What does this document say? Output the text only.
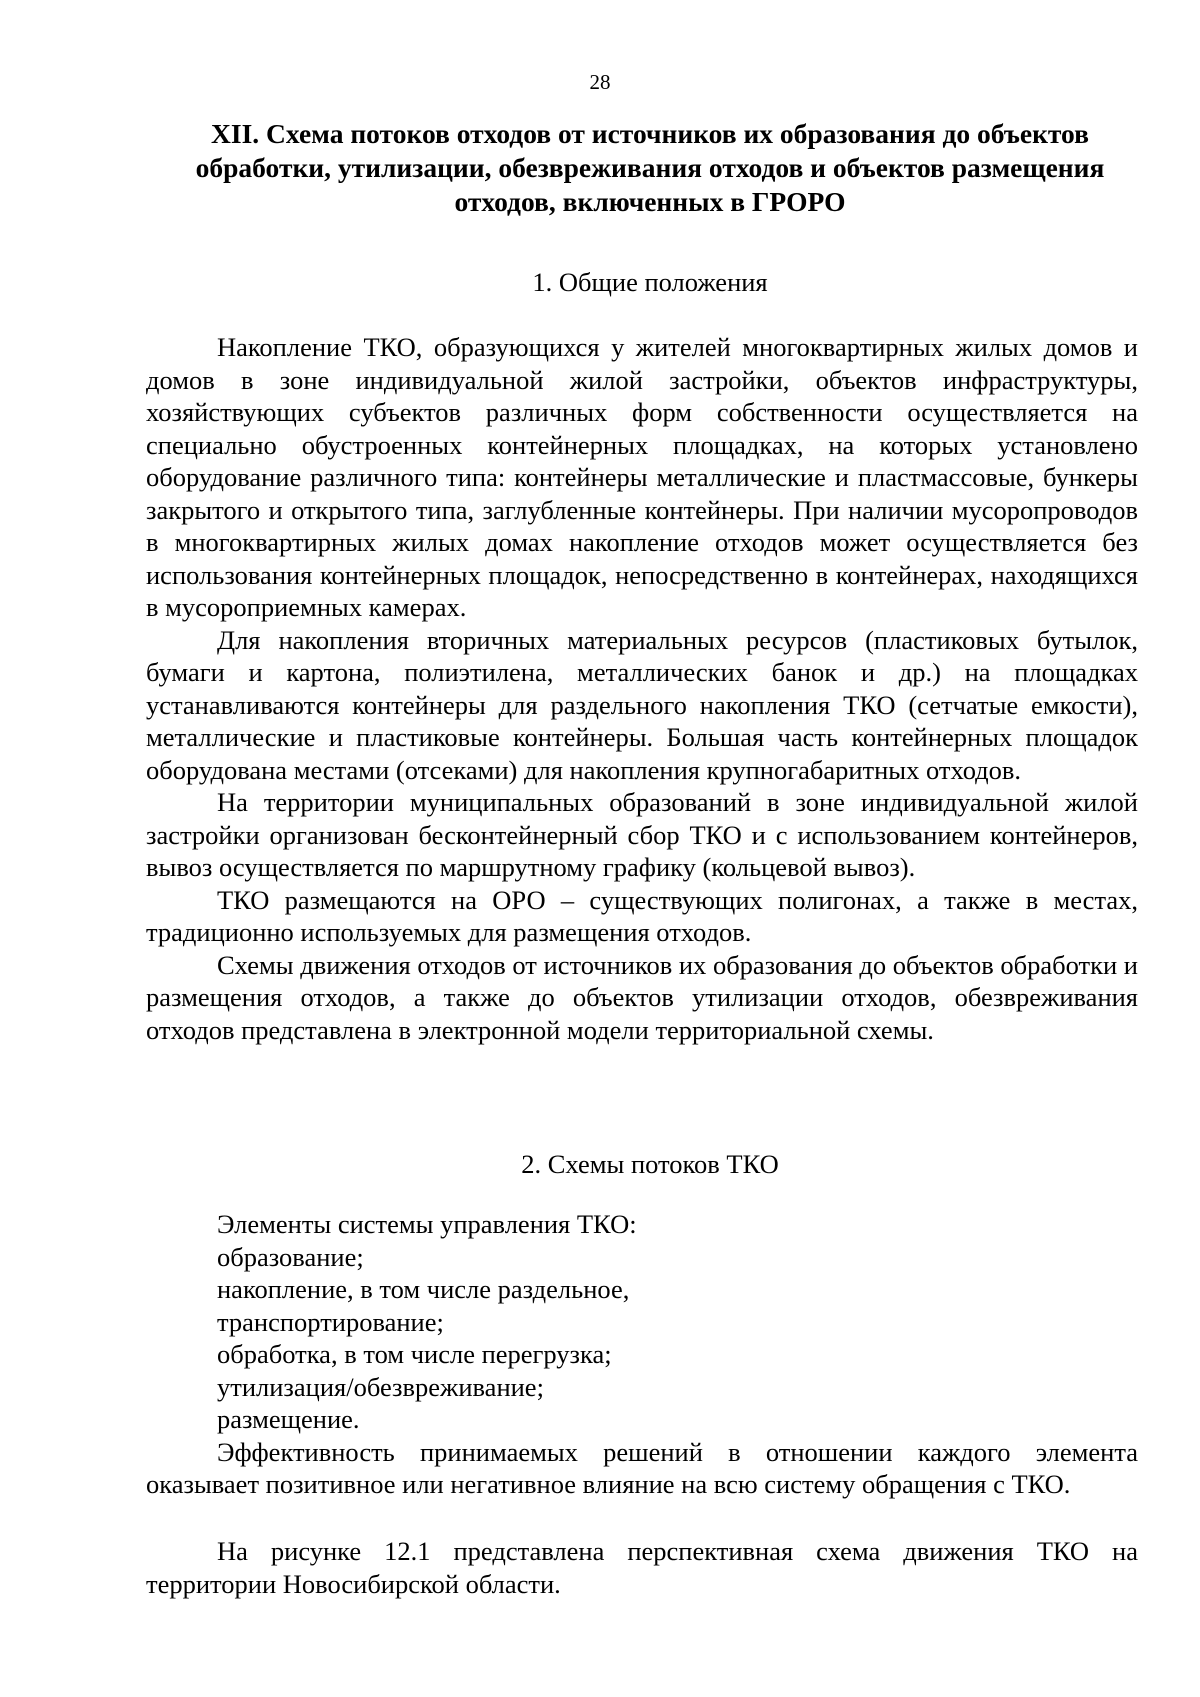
28
XII. Схема потоков отходов от источников их образования до объектов обработки, утилизации, обезвреживания отходов и объектов размещения отходов, включенных в ГРОРО
1. Общие положения

Накопление ТКО, образующихся у жителей многоквартирных жилых домов и домов в зоне индивидуальной жилой застройки, объектов инфраструктуры, хозяйствующих субъектов различных форм собственности осуществляется на специально обустроенных контейнерных площадках, на которых установлено оборудование различного типа: контейнеры металлические и пластмассовые, бункеры закрытого и открытого типа, заглубленные контейнеры. При наличии мусоропроводов в многоквартирных жилых домах накопление отходов может осуществляется без использования контейнерных площадок, непосредственно в контейнерах, находящихся в мусороприемных камерах.

Для накопления вторичных материальных ресурсов (пластиковых бутылок, бумаги и картона, полиэтилена, металлических банок и др.) на площадках устанавливаются контейнеры для раздельного накопления ТКО (сетчатые емкости), металлические и пластиковые контейнеры. Большая часть контейнерных площадок оборудована местами (отсеками) для накопления крупногабаритных отходов.

На территории муниципальных образований в зоне индивидуальной жилой застройки организован бесконтейнерный сбор ТКО и с использованием контейнеров, вывоз осуществляется по маршрутному графику (кольцевой вывоз).

ТКО размещаются на ОРО – существующих полигонах, а также в местах, традиционно используемых для размещения отходов.

Схемы движения отходов от источников их образования до объектов обработки и размещения отходов, а также до объектов утилизации отходов, обезвреживания отходов представлена в электронной модели территориальной схемы.

2. Схемы потоков ТКО
Элементы системы управления ТКО:
образование;
накопление, в том числе раздельное,
транспортирование;
обработка, в том числе перегрузка;
утилизация/обезвреживание;
размещение.

Эффективность принимаемых решений в отношении каждого элемента оказывает позитивное или негативное влияние на всю систему обращения с ТКО.

На рисунке 12.1 представлена перспективная схема движения ТКО на территории Новосибирской области.
